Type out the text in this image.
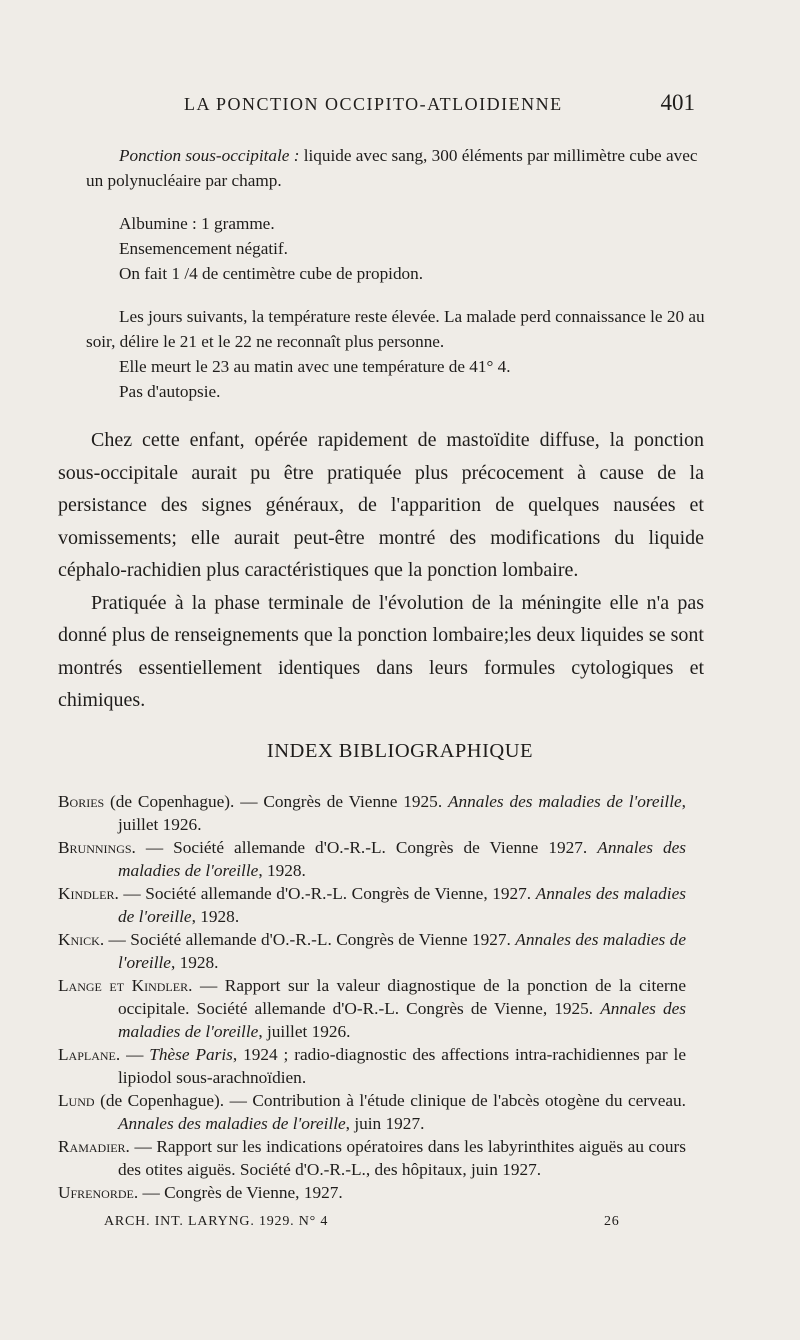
LA PONCTION OCCIPITO-ATLOIDIENNE	401

Ponction sous-occipitale : liquide avec sang, 300 éléments par millimètre cube avec un polynucléaire par champ.

Albumine : 1 gramme.

Ensemencement négatif.

On fait 1 /4 de centimètre cube de propidon.

Les jours suivants, la température reste élevée. La malade perd connaissance le 20 au soir, délire le 21 et le 22 ne reconnaît plus personne.

Elle meurt le 23 au matin avec une température de 41° 4.

Pas d'autopsie.

Chez cette enfant, opérée rapidement de mastoïdite diffuse, la ponction sous-occipitale aurait pu être pratiquée plus précocement à cause de la persistance des signes généraux, de l'apparition de quelques nausées et vomissements; elle aurait peut-être montré des modifications du liquide céphalo-rachidien plus caractéristiques que la ponction lombaire.

Pratiquée à la phase terminale de l'évolution de la méningite elle n'a pas donné plus de renseignements que la ponction lombaire;les deux liquides se sont montrés essentiellement identiques dans leurs formules cytologiques et chimiques.

INDEX BIBLIOGRAPHIQUE
Bories (de Copenhague). — Congrès de Vienne 1925. Annales des maladies de l'oreille, juillet 1926.
Brunnings. — Société allemande d'O.-R.-L. Congrès de Vienne 1927. Annales des maladies de l'oreille, 1928.
Kindler. — Société allemande d'O.-R.-L. Congrès de Vienne, 1927. Annales des maladies de l'oreille, 1928.
Knick. — Société allemande d'O.-R.-L. Congrès de Vienne 1927. Annales des maladies de l'oreille, 1928.
Lange et Kindler. — Rapport sur la valeur diagnostique de la ponction de la citerne occipitale. Société allemande d'O-R.-L. Congrès de Vienne, 1925. Annales des maladies de l'oreille, juillet 1926.
Laplane. — Thèse Paris, 1924 ; radio-diagnostic des affections intra-rachidiennes par le lipiodol sous-arachnoïdien.
Lund (de Copenhague). — Contribution à l'étude clinique de l'abcès otogène du cerveau. Annales des maladies de l'oreille, juin 1927.
Ramadier. — Rapport sur les indications opératoires dans les labyrinthites aiguës au cours des otites aiguës. Société d'O.-R.-L., des hôpitaux, juin 1927.
Ufrenorde. — Congrès de Vienne, 1927.
ARCH. INT. LARYNG. 1929. N° 4	26
